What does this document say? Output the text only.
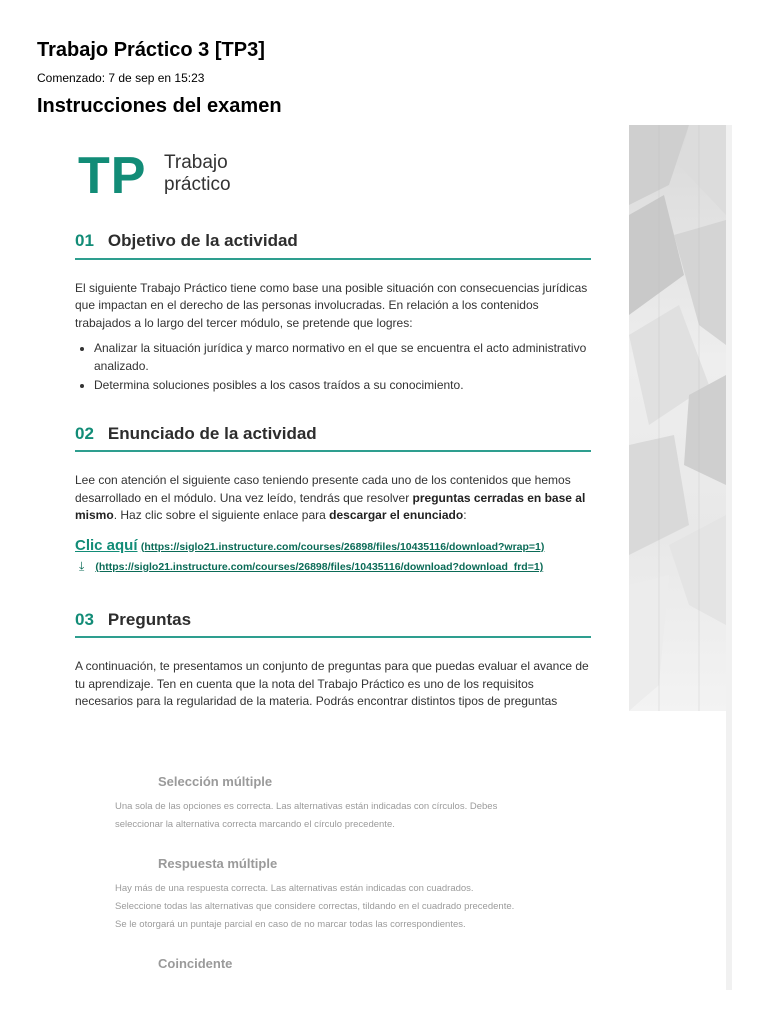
Trabajo Práctico 3 [TP3]
Comenzado: 7 de sep en 15:23
Instrucciones del examen
TP Trabajo
práctico
01 Objetivo de la actividad

El siguiente Trabajo Práctico tiene como base una posible situación con consecuencias jurídicas que impactan en el derecho de las personas involucradas. En relación a los contenidos trabajados a lo largo del tercer módulo, se pretende que logres:

• Analizar la situación jurídica y marco normativo en el que se encuentra el acto administrativo analizado.
• Determina soluciones posibles a los casos traídos a su conocimiento.
02 Enunciado de la actividad

Lee con atención el siguiente caso teniendo presente cada uno de los contenidos que hemos desarrollado en el módulo. Una vez leído, tendrás que resolver preguntas cerradas en base al mismo. Haz clic sobre el siguiente enlace para descargar el enunciado:

Clic aquí (https://siglo21.instructure.com/courses/26898/files/10435116/download?wrap=1)
⤓ (https://siglo21.instructure.com/courses/26898/files/10435116/download?download_frd=1)
03 Preguntas

A continuación, te presentamos un conjunto de preguntas para que puedas evaluar el avance de tu aprendizaje. Ten en cuenta que la nota del Trabajo Práctico es uno de los requisitos necesarios para la regularidad de la materia. Podrás encontrar distintos tipos de preguntas

Selección múltiple
Una sola de las opciones es correcta. Las alternativas están indicadas con círculos. Debes
seleccionar la alternativa correcta marcando el círculo precedente.
Respuesta múltiple
Hay más de una respuesta correcta. Las alternativas están indicadas con cuadrados.
Seleccione todas las alternativas que considere correctas, tildando en el cuadrado precedente.
Se le otorgará un puntaje parcial en caso de no marcar todas las correspondientes.
Coincidente
